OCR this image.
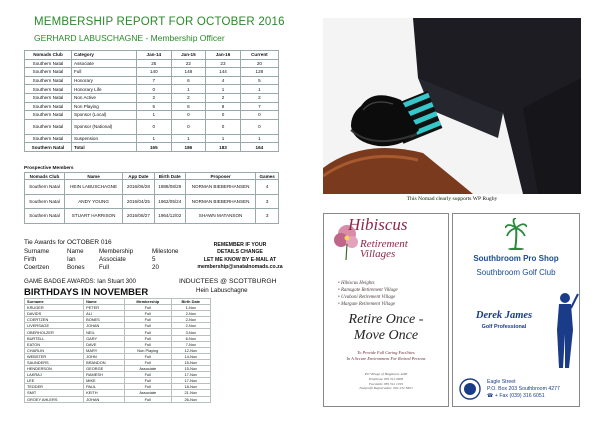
MEMBERSHIP REPORT FOR OCTOBER 2016
GERHARD LABUSCHAGNE - Membership Officer
Nomads Club	Category	Jan-14	Jan-15	Jan-16	Current
Southern Natal	Associate	25	22	23	20
Southern Natal	Full	140	148	144	128
Southern Natal	Honorary	7	6	4	5
Southern Natal	Honorary Life	0	1	1	1
Southern Natal	Non Active	2	2	2	2
Southern Natal	Non Playing	5	6	8	7
Southern Natal	Sponsor (Local)	1	0	0	0
Southern Natal	Sponsor (National)	0	0	0	0
Southern Natal	Suspension	1	1	1	1
Southern Natal	Total	165	186	183	164
Prospective Members
Nomads Club	Name	App Date	Birth Date	Proposer	Games
Southern Natal	HEIN LABUSCHAGNE	2016/06/28	1988/08/29	NORMAN BIEBERHANSEN	4
Southern Natal	ANDY YOUNG	2016/04/25	1962/05/24	NORMAN BIEBERHANSEN	3
Southern Natal	STUART HARRISON	2016/08/27	1964/12/02	SHAWN MATANSON	3
Tie Awards for OCTOBER 016
Surname	Name	Membership	Milestone
Firth	Ian	Associate	5
Coertzen	Bones	Full	20
REMEMBER IF YOUR
DETAILS CHANGE
LET ME KNOW BY E-MAIL AT
membership@snatalnomads.co.za
GAME BADGE AWARDS: Ian Stuart 300
BIRTHDAYS IN NOVEMBER
INDUCTEES @ SCOTTBURGH
Hein Labuschagne
Surname	Name	Membership	Birth Date
KRUGER	PETER	Full	1-Nov
DAVIDS	ALI	Full	2-Nov
COERTZEN	BONES	Full	2-Nov
LIVERSAGE	JOHAN	Full	2-Nov
OBERHOLZER	NEIL	Full	3-Nov
BURTELL	GARY	Full	6-Nov
EATON	DAVE	Full	7-Nov
CHARLIN	MARY	Non Playing	12-Nov
WEBSTER	JOHN	Full	14-Nov
SAUNDERS	BRANDON	Full	15-Nov
HENDERSON	GEORGE	Associate	15-Nov
LAKRAJ	RAMESH	Full	17-Nov
LEE	MIKE	Full	17-Nov
TEDDER	PAUL	Full	18-Nov
SMIT	KEITH	Associate	21-Nov
GROEY AHLERS	JOHAN	Full	26-Nov
This Nomad clearly supports WP Rugby
Hibiscus
Retirement
Villages
• Hibiscus Heights
• Ramsgate Retirement Village
• Uvuboni Retirement Village
• Margate Retirement Village
Retire Once -
Move Once
To Provide Full Caring Facilities
In A Secure Environment For Retired Persons
PO Village of Happiness 4280
Telephone 039 312 0800
Facsimile 039 312 1019
Nonprofit Registration: 002-132 NPO
Southbroom Pro Shop
Southbroom Golf Club
Derek James
Golf Professional
Eagle Street
P.O. Box 203 Southbroom 4277
☎ + Fax (039) 316 6051
